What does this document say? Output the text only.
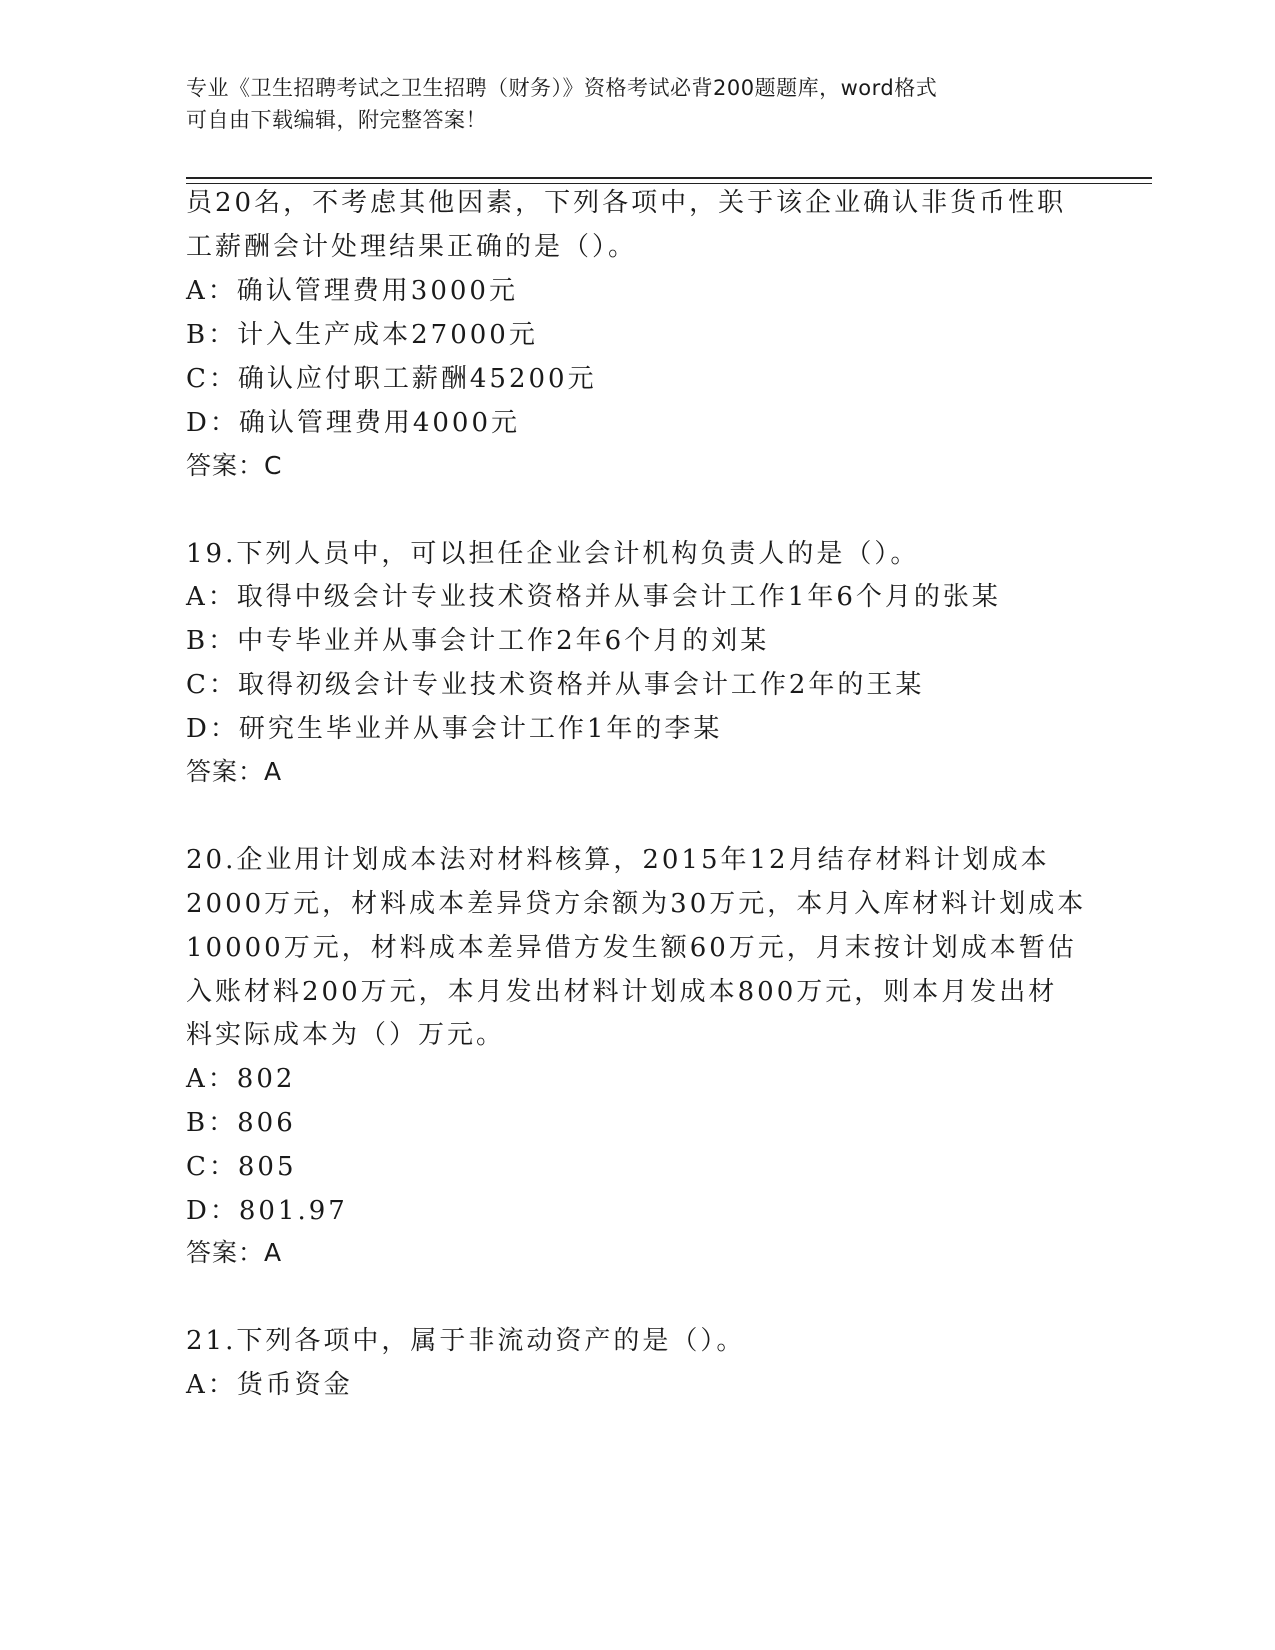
专业《卫生招聘考试之卫生招聘（财务）》资格考试必背200题题库，word格式
可自由下载编辑，附完整答案！
员20名，不考虑其他因素，下列各项中，关于该企业确认非货币性职
工薪酬会计处理结果正确的是（）。
A：确认管理费用3000元
B：计入生产成本27000元
C：确认应付职工薪酬45200元
D：确认管理费用4000元
答案：C
19.下列人员中，可以担任企业会计机构负责人的是（）。
A：取得中级会计专业技术资格并从事会计工作1年6个月的张某
B：中专毕业并从事会计工作2年6个月的刘某
C：取得初级会计专业技术资格并从事会计工作2年的王某
D：研究生毕业并从事会计工作1年的李某
答案：A
20.企业用计划成本法对材料核算，2015年12月结存材料计划成本
2000万元，材料成本差异贷方余额为30万元，本月入库材料计划成本
10000万元，材料成本差异借方发生额60万元，月末按计划成本暂估
入账材料200万元，本月发出材料计划成本800万元，则本月发出材
料实际成本为（）万元。
A：802
B：806
C：805
D：801.97
答案：A
21.下列各项中，属于非流动资产的是（）。
A：货币资金
